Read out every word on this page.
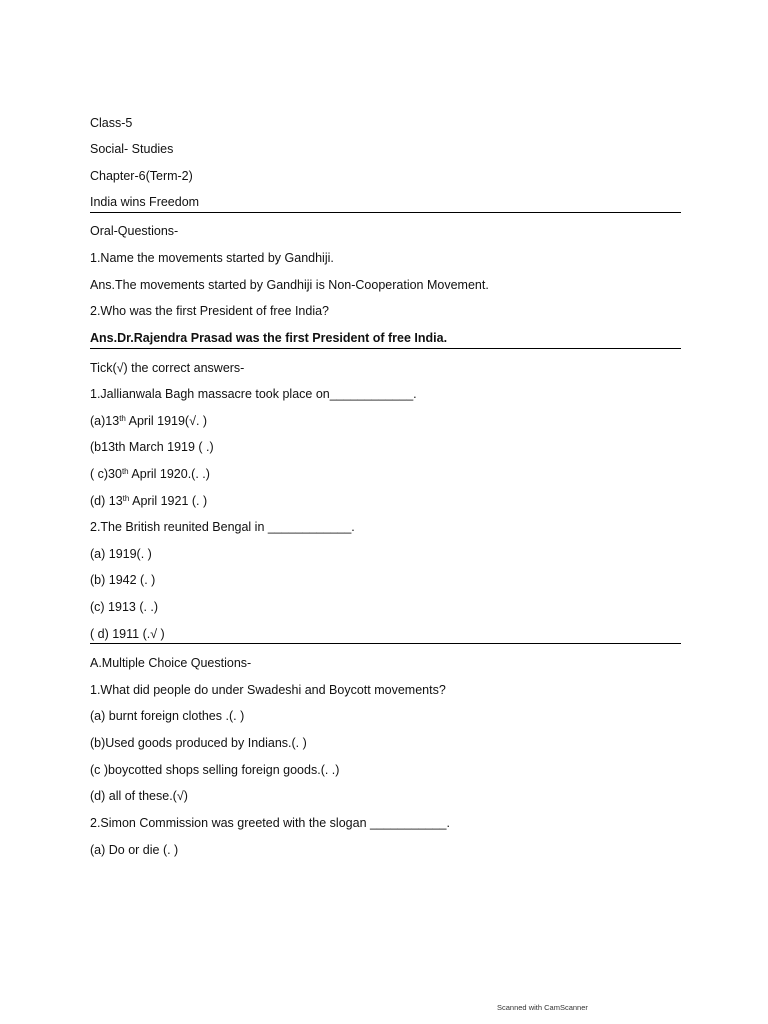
Class-5
Social- Studies
Chapter-6(Term-2)
India wins Freedom
Oral-Questions-
1.Name the movements started by Gandhiji.
Ans.The movements started by Gandhiji is Non-Cooperation Movement.
2.Who was the first President of free India?
Ans.Dr.Rajendra Prasad was the first President of free India.
Tick(√) the correct answers-
1.Jallianwala Bagh massacre took place on____________.
(a)13th April 1919(√. )
(b13th March 1919 ( .)
( c)30th April 1920.(. .)
(d) 13th April 1921 (. )
2.The British reunited Bengal in ____________.
(a) 1919(. )
(b) 1942 (. )
(c) 1913 (. .)
( d) 1911 (.√ )
A.Multiple Choice Questions-
1.What did people do under Swadeshi and Boycott movements?
(a) burnt foreign clothes .(. )
(b)Used goods produced by Indians.(. )
(c )boycotted shops selling foreign goods.(. .)
(d) all of these.(√)
2.Simon Commission was greeted with the slogan ___________.
(a) Do or die (. )
Scanned with CamScanner
